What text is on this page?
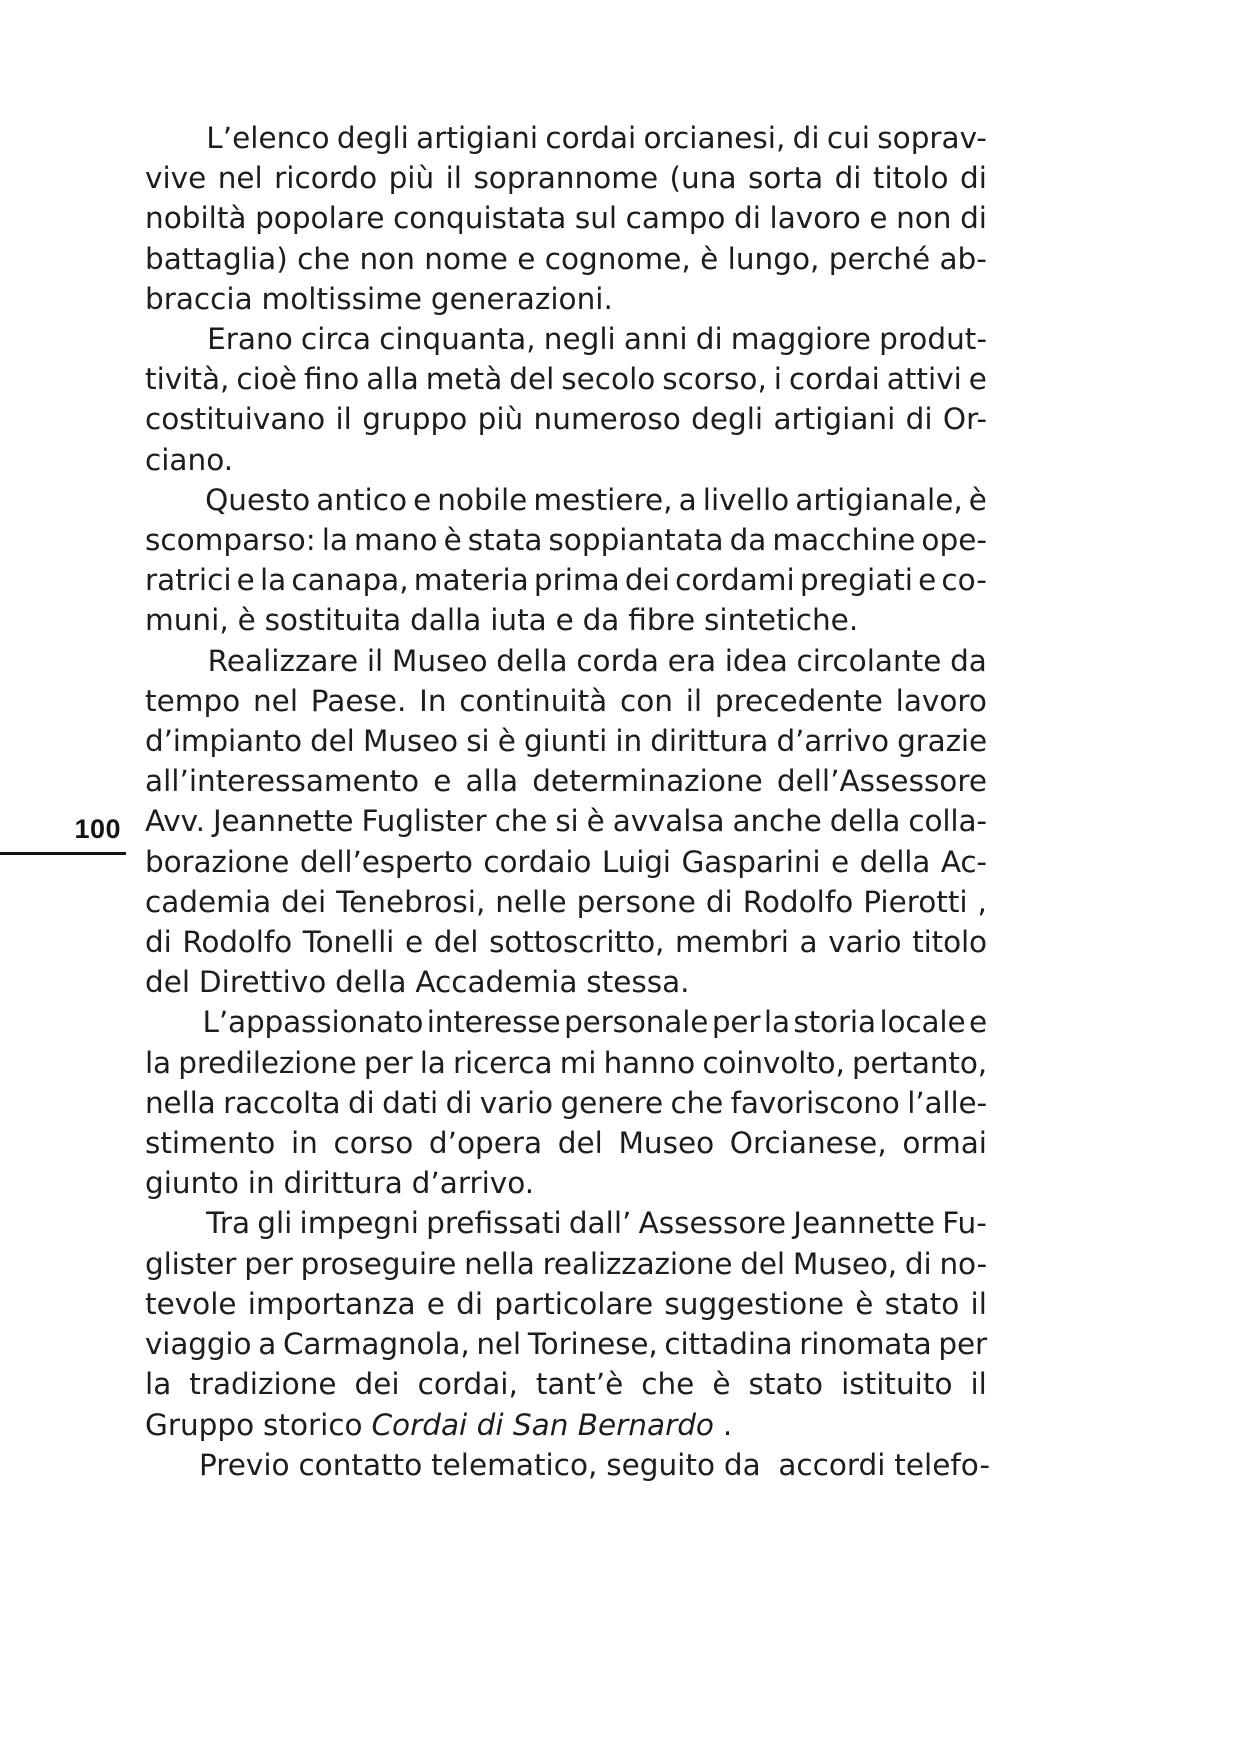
100

L’elenco degli artigiani cordai orcianesi, di cui soprav-
vive nel ricordo più il soprannome (una sorta di titolo di
nobiltà popolare conquistata sul campo di lavoro e non di
battaglia) che non nome e cognome, è lungo, perché ab-
braccia moltissime generazioni.

Erano circa cinquanta, negli anni di maggiore produt-
tività, cioè fino alla metà del secolo scorso, i cordai attivi e
costituivano il gruppo più numeroso degli artigiani di Or-
ciano.

Questo antico e nobile mestiere, a livello artigianale, è
scomparso: la mano è stata soppiantata da macchine ope-
ratrici e la canapa, materia prima dei cordami pregiati e co-
muni, è sostituita dalla iuta e da fibre sintetiche.

Realizzare il Museo della corda era idea circolante da
tempo nel Paese. In continuità con il precedente lavoro
d’impianto del Museo si è giunti in dirittura d’arrivo grazie
all’interessamento e alla determinazione dell’Assessore
Avv. Jeannette Fuglister che si è avvalsa anche della colla-
borazione dell’esperto cordaio Luigi Gasparini e della Ac-
cademia dei Tenebrosi, nelle persone di Rodolfo Pierotti ,
di Rodolfo Tonelli e del sottoscritto, membri a vario titolo
del Direttivo della Accademia stessa.

L’appassionato interesse personale per la storia locale e
la predilezione per la ricerca mi hanno coinvolto, pertanto,
nella raccolta di dati di vario genere che favoriscono l’alle-
stimento in corso d’opera del Museo Orcianese, ormai
giunto in dirittura d’arrivo.

Tra gli impegni prefissati dall’ Assessore Jeannette Fu-
glister per proseguire nella realizzazione del Museo, di no-
tevole importanza e di particolare suggestione è stato il
viaggio a Carmagnola, nel Torinese, cittadina rinomata per
la tradizione dei cordai, tant’è che è stato istituito il
Gruppo storico Cordai di San Bernardo .
Previo contatto telematico, seguito da accordi telefo-
